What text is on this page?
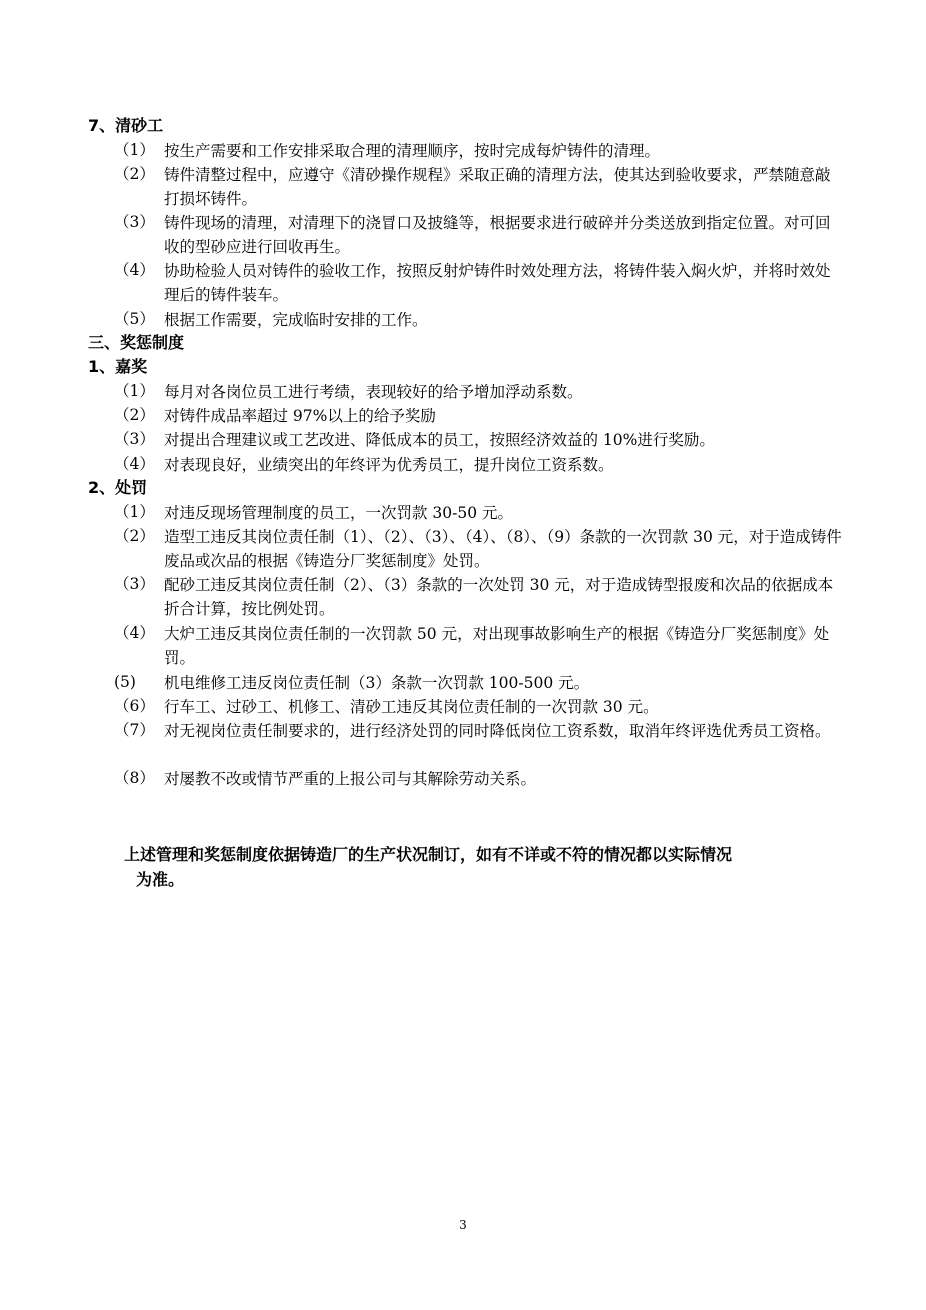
7、清砂工
（1） 按生产需要和工作安排采取合理的清理顺序，按时完成每炉铸件的清理。
（2） 铸件清整过程中，应遵守《清砂操作规程》采取正确的清理方法，使其达到验收要求，严禁随意敲打损坏铸件。
（3） 铸件现场的清理，对清理下的浇冒口及披缝等，根据要求进行破碎并分类送放到指定位置。对可回收的型砂应进行回收再生。
（4） 协助检验人员对铸件的验收工作，按照反射炉铸件时效处理方法，将铸件装入焖火炉，并将时效处理后的铸件装车。
（5） 根据工作需要，完成临时安排的工作。
三、奖惩制度
1、嘉奖
（1） 每月对各岗位员工进行考绩，表现较好的给予增加浮动系数。
（2） 对铸件成品率超过 97%以上的给予奖励
（3） 对提出合理建议或工艺改进、降低成本的员工，按照经济效益的 10%进行奖励。
（4） 对表现良好，业绩突出的年终评为优秀员工，提升岗位工资系数。
2、处罚
（1） 对违反现场管理制度的员工，一次罚款 30-50 元。
（2） 造型工违反其岗位责任制（1）、（2）、（3）、（4）、（8）、（9）条款的一次罚款 30 元，对于造成铸件废品或次品的根据《铸造分厂奖惩制度》处罚。
（3） 配砂工违反其岗位责任制（2）、（3）条款的一次处罚 30 元，对于造成铸型报废和次品的依据成本折合计算，按比例处罚。
（4） 大炉工违反其岗位责任制的一次罚款 50 元，对出现事故影响生产的根据《铸造分厂奖惩制度》处罚。
(5) 机电维修工违反岗位责任制（3）条款一次罚款 100-500 元。
（6） 行车工、过砂工、机修工、清砂工违反其岗位责任制的一次罚款 30 元。
（7） 对无视岗位责任制要求的，进行经济处罚的同时降低岗位工资系数，取消年终评选优秀员工资格。
（8） 对屡教不改或情节严重的上报公司与其解除劳动关系。
上述管理和奖惩制度依据铸造厂的生产状况制订，如有不详或不符的情况都以实际情况
为准。
3
